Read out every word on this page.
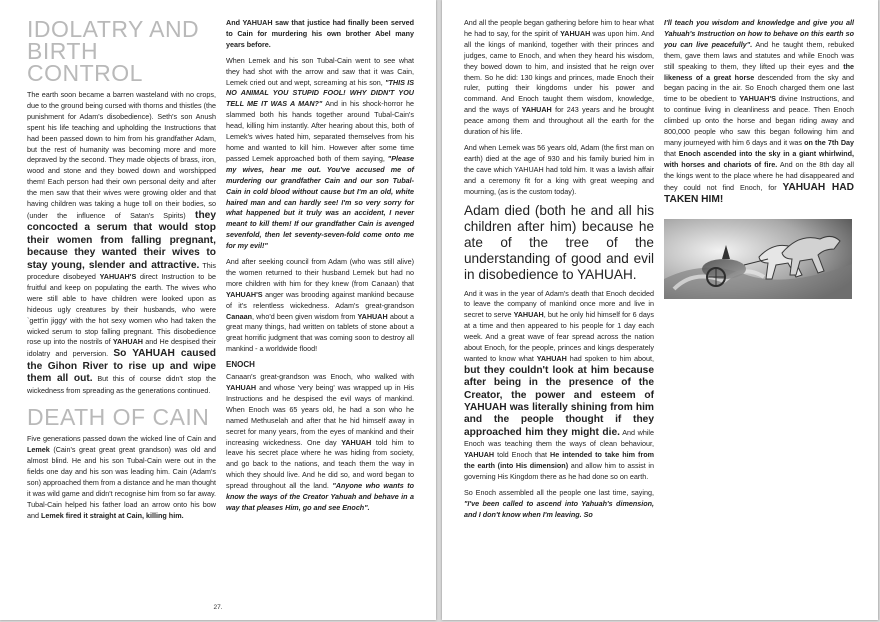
IDOLATRY AND
BIRTH CONTROL

The earth soon became a barren wasteland with no crops, due to the ground being cursed with thorns and thistles (the punishment for Adam's disobedience). Seth's son Anush spent his life teaching and upholding the Instructions that had been passed down to him from his grandfather Adam, but the rest of humanity was becoming more and more depraved by the second. They made objects of brass, iron, wood and stone and they bowed down and worshipped them! Each person had their own personal deity and after the men saw that their wives were growing older and that having children was taking a huge toll on their bodies, so (under the influence of Satan's Spirits) they concocted a serum that would stop their women from falling pregnant, because they wanted their wives to stay young, slender and attractive. This procedure disobeyed YAHUAH'S direct Instruction to be fruitful and keep on populating the earth. The wives who were still able to have children were looked upon as hideous ugly creatures by their husbands, who were `gett'in jiggy' with the hot sexy women who had taken the wicked serum to stop falling pregnant. This disobedience rose up into the nostrils of YAHUAH and He despised their idolatry and perversion. So YAHUAH caused the Gihon River to rise up and wipe them all out. But this of course didn't stop the wickedness from spreading as the generations continued.

DEATH OF CAIN

Five generations passed down the wicked line of Cain and Lemek (Cain's great great great grandson) was old and almost blind. He and his son Tubal-Cain were out in the fields one day and his son was leading him. Cain (Adam's son) approached them from a distance and he man thought it was wild game and didn't recognise him from so far away. Tubal-Cain helped his father load an arrow onto his bow and Lemek fired it straight at Cain, killing him.

And YAHUAH saw that justice had finally been served to Cain for murdering his own brother Abel many years before.

When Lemek and his son Tubal-Cain went to see what they had shot with the arrow and saw that it was Cain, Lemek cried out and wept, screaming at his son, "THIS IS NO ANIMAL YOU STUPID FOOL! WHY DIDN'T YOU TELL ME IT WAS A MAN?" And in his shock-horror he slammed both his hands together around Tubal-Cain's head, killing him instantly. After hearing about this, both of Lemek's wives hated him, separated themselves from his home and wanted to kill him. However after some time passed Lemek approached both of them saying, "Please my wives, hear me out. You've accused me of murdering our grandfather Cain and our son Tubal-Cain in cold blood without cause but I'm an old, white haired man and can hardly see! I'm so very sorry for what happened but it truly was an accident, I never meant to kill them! If our grandfather Cain is avenged sevenfold, then let seventy-seven-fold come onto me for my evil!"

And after seeking council from Adam (who was still alive) the women returned to their husband Lemek but had no more children with him for they knew (from Canaan) that YAHUAH'S anger was brooding against mankind because of it's relentless wickedness. Adam's great-grandson Canaan, who'd been given wisdom from YAHUAH about a great many things, had written on tablets of stone about a great horrific judgment that was coming soon to destroy all mankind - a worldwide flood!

ENOCH

Canaan's great-grandson was Enoch, who walked with YAHUAH and whose 'very being' was wrapped up in His Instructions and he despised the evil ways of mankind. When Enoch was 65 years old, he had a son who he named Methuselah and after that he hid himself away in secret for many years, from the eyes of mankind and their increasing wickedness. One day YAHUAH told him to leave his secret place where he was hiding from society, and go back to the nations, and teach them the way in which they should live. And he did so, and word began to spread throughout all the land. "Anyone who wants to know the ways of the Creator Yahuah and behave in a way that pleases Him, go and see Enoch".

27.

And all the people began gathering before him to hear what he had to say, for the spirit of YAHUAH was upon him. And all the kings of mankind, together with their princes and judges, came to Enoch, and when they heard his wisdom, they bowed down to him, and insisted that he reign over them. So he did: 130 kings and princes, made Enoch their ruler, putting their kingdoms under his power and command. And Enoch taught them wisdom, knowledge, and the ways of YAHUAH for 243 years and he brought peace among them and throughout all the earth for the duration of his life.

And when Lemek was 56 years old, Adam (the first man on earth) died at the age of 930 and his family buried him in the cave which YAHUAH had told him. It was a lavish affair and a ceremony fit for a king with great weeping and mourning, (as is the custom today).

Adam died (both he and all his children after him) because he ate of the tree of the understanding of good and evil in disobedience to YAHUAH.

And it was in the year of Adam's death that Enoch decided to leave the company of mankind once more and live in secret to serve YAHUAH, but he only hid himself for 6 days at a time and then appeared to his people for 1 day each week. And a great wave of fear spread across the nation about Enoch, for the people, princes and kings desperately wanted to know what YAHUAH had spoken to him about, but they couldn't look at him because after being in the presence of the Creator, the power and esteem of YAHUAH was literally shining from him and the people thought if they approached him they might die. And while Enoch was teaching them the ways of clean behaviour, YAHUAH told Enoch that He intended to take him from the earth (into His dimension) and allow him to assist in governing His Kingdom there as he had done so on earth.

So Enoch assembled all the people one last time, saying, "I've been called to ascend into Yahuah's dimension, and I don't know when I'm leaving. So

I'll teach you wisdom and knowledge and give you all Yahuah's Instruction on how to behave on this earth so you can live peacefully". And he taught them, rebuked them, gave them laws and statutes and while Enoch was still speaking to them, they lifted up their eyes and the likeness of a great horse descended from the sky and began pacing in the air. So Enoch charged them one last time to be obedient to YAHUAH'S divine Instructions, and to continue living in cleanliness and peace. Then Enoch climbed up onto the horse and began riding away and 800,000 people who saw this began following him and many journeyed with him 6 days and it was on the 7th Day that Enoch ascended into the sky in a giant whirlwind, with horses and chariots of fire. And on the 8th day all the kings went to the place where he had disappeared and they could not find Enoch, for YAHUAH HAD TAKEN HIM!
